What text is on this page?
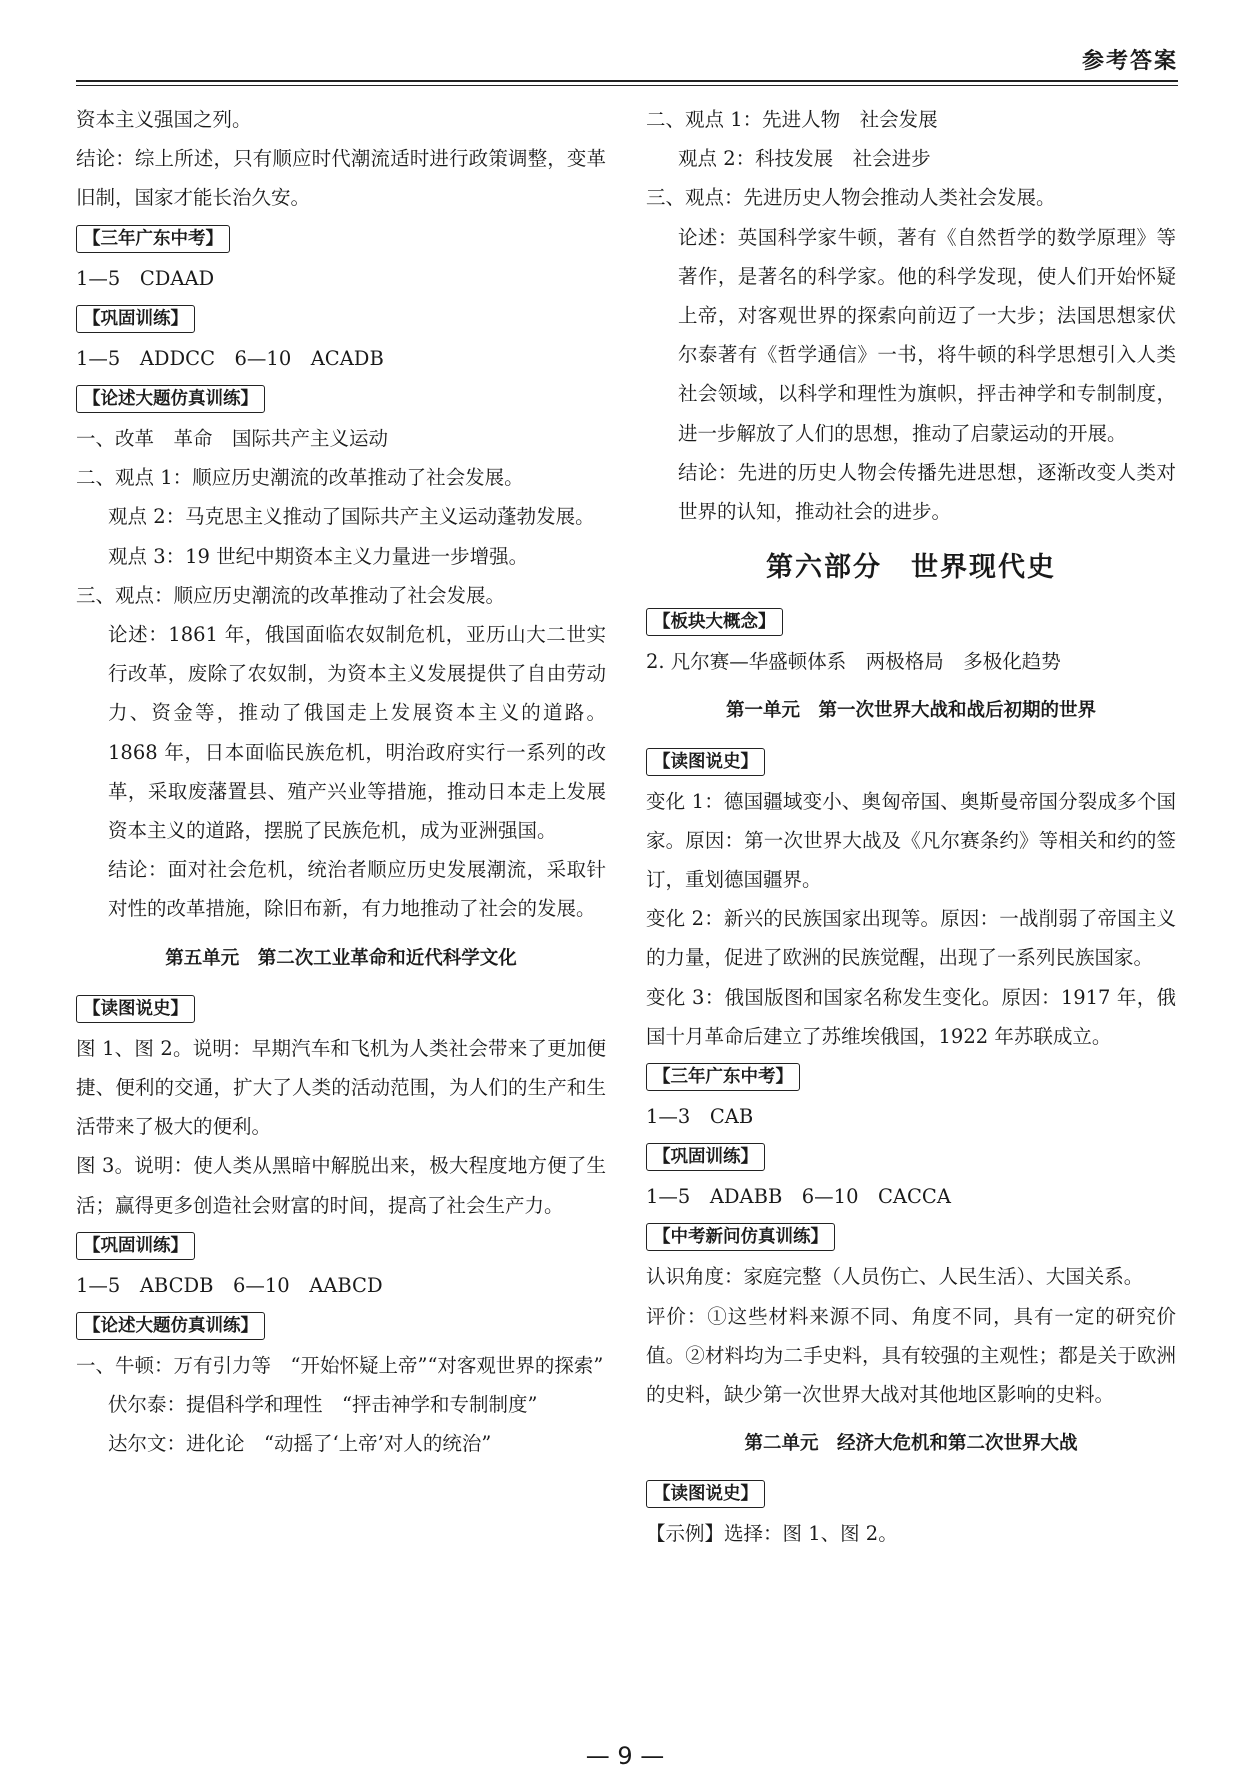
参考答案
资本主义强国之列。
结论：综上所述，只有顺应时代潮流适时进行政策调整，变革旧制，国家才能长治久安。
【三年广东中考】
1—5　CDAAD
【巩固训练】
1—5　ADDCC　6—10　ACADB
【论述大题仿真训练】
一、改革　革命　国际共产主义运动
二、观点 1：顺应历史潮流的改革推动了社会发展。
观点 2：马克思主义推动了国际共产主义运动蓬勃发展。
观点 3：19 世纪中期资本主义力量进一步增强。
三、观点：顺应历史潮流的改革推动了社会发展。
论述：1861 年，俄国面临农奴制危机，亚历山大二世实行改革，废除了农奴制，为资本主义发展提供了自由劳动力、资金等，推动了俄国走上发展资本主义的道路。1868 年，日本面临民族危机，明治政府实行一系列的改革，采取废藩置县、殖产兴业等措施，推动日本走上发展资本主义的道路，摆脱了民族危机，成为亚洲强国。
结论：面对社会危机，统治者顺应历史发展潮流，采取针对性的改革措施，除旧布新，有力地推动了社会的发展。
第五单元　第二次工业革命和近代科学文化
【读图说史】
图 1、图 2。说明：早期汽车和飞机为人类社会带来了更加便捷、便利的交通，扩大了人类的活动范围，为人们的生产和生活带来了极大的便利。
图 3。说明：使人类从黑暗中解脱出来，极大程度地方便了生活；赢得更多创造社会财富的时间，提高了社会生产力。
【巩固训练】
1—5　ABCDB　6—10　AABCD
【论述大题仿真训练】
一、牛顿：万有引力等　“开始怀疑上帝”“对客观世界的探索”
伏尔泰：提倡科学和理性　“抨击神学和专制制度”
达尔文：进化论　“动摇了‘上帝’对人的统治”
二、观点 1：先进人物　社会发展
观点 2：科技发展　社会进步
三、观点：先进历史人物会推动人类社会发展。
论述：英国科学家牛顿，著有《自然哲学的数学原理》等著作，是著名的科学家。他的科学发现，使人们开始怀疑上帝，对客观世界的探索向前迈了一大步；法国思想家伏尔泰著有《哲学通信》一书，将牛顿的科学思想引入人类社会领域，以科学和理性为旗帜，抨击神学和专制制度，进一步解放了人们的思想，推动了启蒙运动的开展。
结论：先进的历史人物会传播先进思想，逐渐改变人类对世界的认知，推动社会的进步。
第六部分　世界现代史
【板块大概念】
2. 凡尔赛—华盛顿体系　两极格局　多极化趋势
第一单元　第一次世界大战和战后初期的世界
【读图说史】
变化 1：德国疆域变小、奥匈帝国、奥斯曼帝国分裂成多个国家。原因：第一次世界大战及《凡尔赛条约》等相关和约的签订，重划德国疆界。
变化 2：新兴的民族国家出现等。原因：一战削弱了帝国主义的力量，促进了欧洲的民族觉醒，出现了一系列民族国家。
变化 3：俄国版图和国家名称发生变化。原因：1917 年，俄国十月革命后建立了苏维埃俄国，1922 年苏联成立。
【三年广东中考】
1—3　CAB
【巩固训练】
1—5　ADABB　6—10　CACCA
【中考新问仿真训练】
认识角度：家庭完整（人员伤亡、人民生活）、大国关系。
评价：①这些材料来源不同、角度不同，具有一定的研究价值。②材料均为二手史料，具有较强的主观性；都是关于欧洲的史料，缺少第一次世界大战对其他地区影响的史料。
第二单元　经济大危机和第二次世界大战
【读图说史】
【示例】选择：图 1、图 2。
— 9 —
